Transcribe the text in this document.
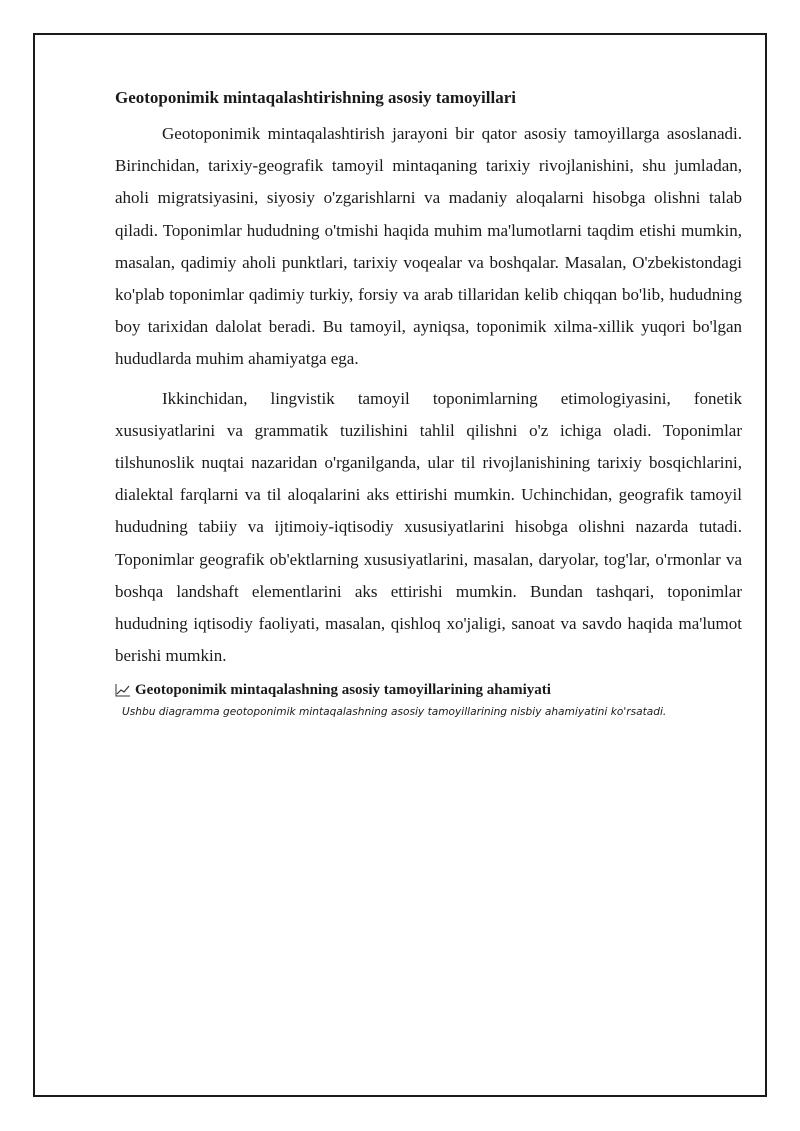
Geotoponimik mintaqalashtirishning asosiy tamoyillari

Geotoponimik mintaqalashtirish jarayoni bir qator asosiy tamoyillarga asoslanadi. Birinchidan, tarixiy-geografik tamoyil mintaqaning tarixiy rivojlanishini, shu jumladan, aholi migratsiyasini, siyosiy o'zgarishlarni va madaniy aloqalarni hisobga olishni talab qiladi. Toponimlar hududning o'tmishi haqida muhim ma'lumotlarni taqdim etishi mumkin, masalan, qadimiy aholi punktlari, tarixiy voqealar va boshqalar. Masalan, O'zbekistondagi ko'plab toponimlar qadimiy turkiy, forsiy va arab tillaridan kelib chiqqan bo'lib, hududning boy tarixidan dalolat beradi. Bu tamoyil, ayniqsa, toponimik xilma-xillik yuqori bo'lgan hududlarda muhim ahamiyatga ega.

Ikkinchidan, lingvistik tamoyil toponimlarning etimologiyasini, fonetik xususiyatlarini va grammatik tuzilishini tahlil qilishni o'z ichiga oladi. Toponimlar tilshunoslik nuqtai nazaridan o'rganilganda, ular til rivojlanishining tarixiy bosqichlarini, dialektal farqlarni va til aloqalarini aks ettirishi mumkin. Uchinchidan, geografik tamoyil hududning tabiiy va ijtimoiy-iqtisodiy xususiyatlarini hisobga olishni nazarda tutadi. Toponimlar geografik ob'ektlarning xususiyatlarini, masalan, daryolar, tog'lar, o'rmonlar va boshqa landshaft elementlarini aks ettirishi mumkin. Bundan tashqari, toponimlar hududning iqtisodiy faoliyati, masalan, qishloq xo'jaligi, sanoat va savdo haqida ma'lumot berishi mumkin.

Geotoponimik mintaqalashning asosiy tamoyillarining ahamiyati
Ushbu diagramma geotoponimik mintaqalashning asosiy tamoyillarining nisbiy ahamiyatini ko'rsatadi.
